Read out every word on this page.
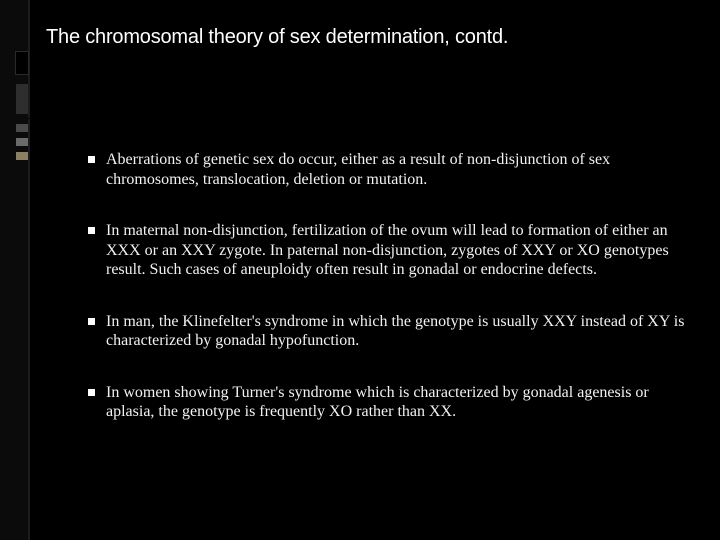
The chromosomal theory of sex determination, contd.
Aberrations of genetic sex do occur, either as a result of non-disjunction of sex chromosomes, translocation, deletion or mutation.
In maternal non-disjunction, fertilization of the ovum will lead to formation of either an XXX or an XXY zygote. In paternal non-disjunction, zygotes of XXY or XO genotypes result. Such cases of aneuploidy often result in gonadal or endocrine defects.
In man, the Klinefelter's syndrome in which the genotype is usually XXY instead of XY is characterized by gonadal hypofunction.
In women showing Turner's syndrome which is characterized by gonadal agenesis or aplasia, the genotype is frequently XO rather than XX.
